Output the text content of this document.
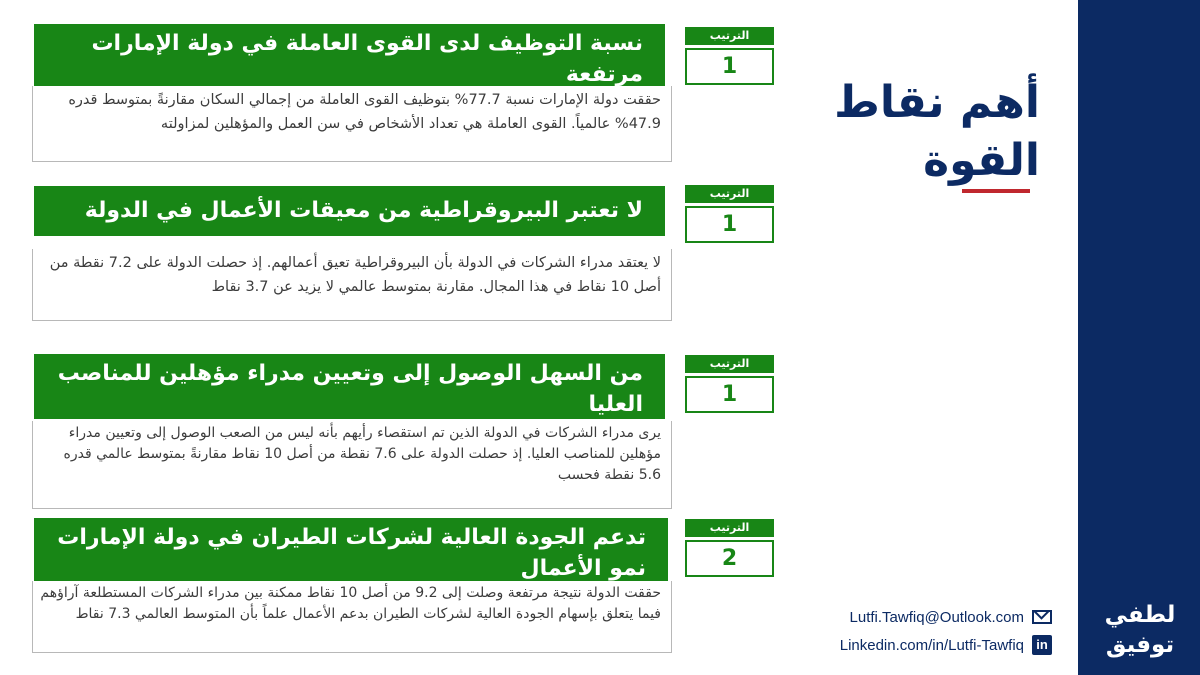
لطفي
توفيق
أهم نقاط القوة
نسبة التوظيف لدى القوى العاملة في دولة الإمارات مرتفعة
حققت دولة الإمارات نسبة 77.7% بتوظيف القوى العاملة من إجمالي السكان مقارنةً بمتوسط قدره 47.9% عالمياً. القوى العاملة هي تعداد الأشخاص في سن العمل والمؤهلين لمزاولته
الترتيب
1
لا تعتبر البيروقراطية من معيقات الأعمال في الدولة
لا يعتقد مدراء الشركات في الدولة بأن البيروقراطية تعيق أعمالهم. إذ حصلت الدولة على 7.2 نقطة من أصل 10 نقاط في هذا المجال. مقارنة بمتوسط عالمي لا يزيد عن 3.7 نقاط
الترتيب
1
من السهل الوصول إلى وتعيين مدراء مؤهلين للمناصب العليا
يرى مدراء الشركات في الدولة الذين تم استقصاء رأيهم بأنه ليس من الصعب الوصول إلى وتعيين مدراء مؤهلين للمناصب العليا. إذ حصلت الدولة على 7.6 نقطة من أصل 10 نقاط مقارنةً بمتوسط عالمي قدره 5.6 نقطة فحسب
الترتيب
1
تدعم الجودة العالية لشركات الطيران في دولة الإمارات نمو الأعمال
حققت الدولة نتيجة مرتفعة وصلت إلى 9.2 من أصل 10 نقاط ممكنة بين مدراء الشركات المستطلعة آراؤهم فيما يتعلق بإسهام الجودة العالية لشركات الطيران بدعم الأعمال علماً بأن المتوسط العالمي 7.3 نقاط
الترتيب
2
Lutfi.Tawfiq@Outlook.com
Linkedin.com/in/Lutfi-Tawfiq in
